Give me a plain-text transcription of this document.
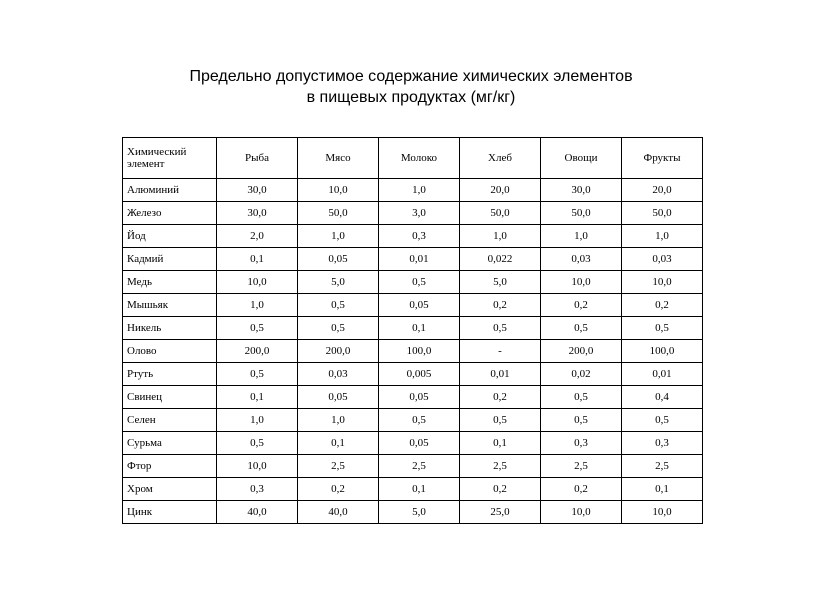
Предельно допустимое содержание химических элементов
в пищевых продуктах (мг/кг)
Химический элемент	Рыба	Мясо	Молоко	Хлеб	Овощи	Фрукты
Алюминий	30,0	10,0	1,0	20,0	30,0	20,0
Железо	30,0	50,0	3,0	50,0	50,0	50,0
Йод	2,0	1,0	0,3	1,0	1,0	1,0
Кадмий	0,1	0,05	0,01	0,022	0,03	0,03
Медь	10,0	5,0	0,5	5,0	10,0	10,0
Мышьяк	1,0	0,5	0,05	0,2	0,2	0,2
Никель	0,5	0,5	0,1	0,5	0,5	0,5
Олово	200,0	200,0	100,0	-	200,0	100,0
Ртуть	0,5	0,03	0,005	0,01	0,02	0,01
Свинец	0,1	0,05	0,05	0,2	0,5	0,4
Селен	1,0	1,0	0,5	0,5	0,5	0,5
Сурьма	0,5	0,1	0,05	0,1	0,3	0,3
Фтор	10,0	2,5	2,5	2,5	2,5	2,5
Хром	0,3	0,2	0,1	0,2	0,2	0,1
Цинк	40,0	40,0	5,0	25,0	10,0	10,0
